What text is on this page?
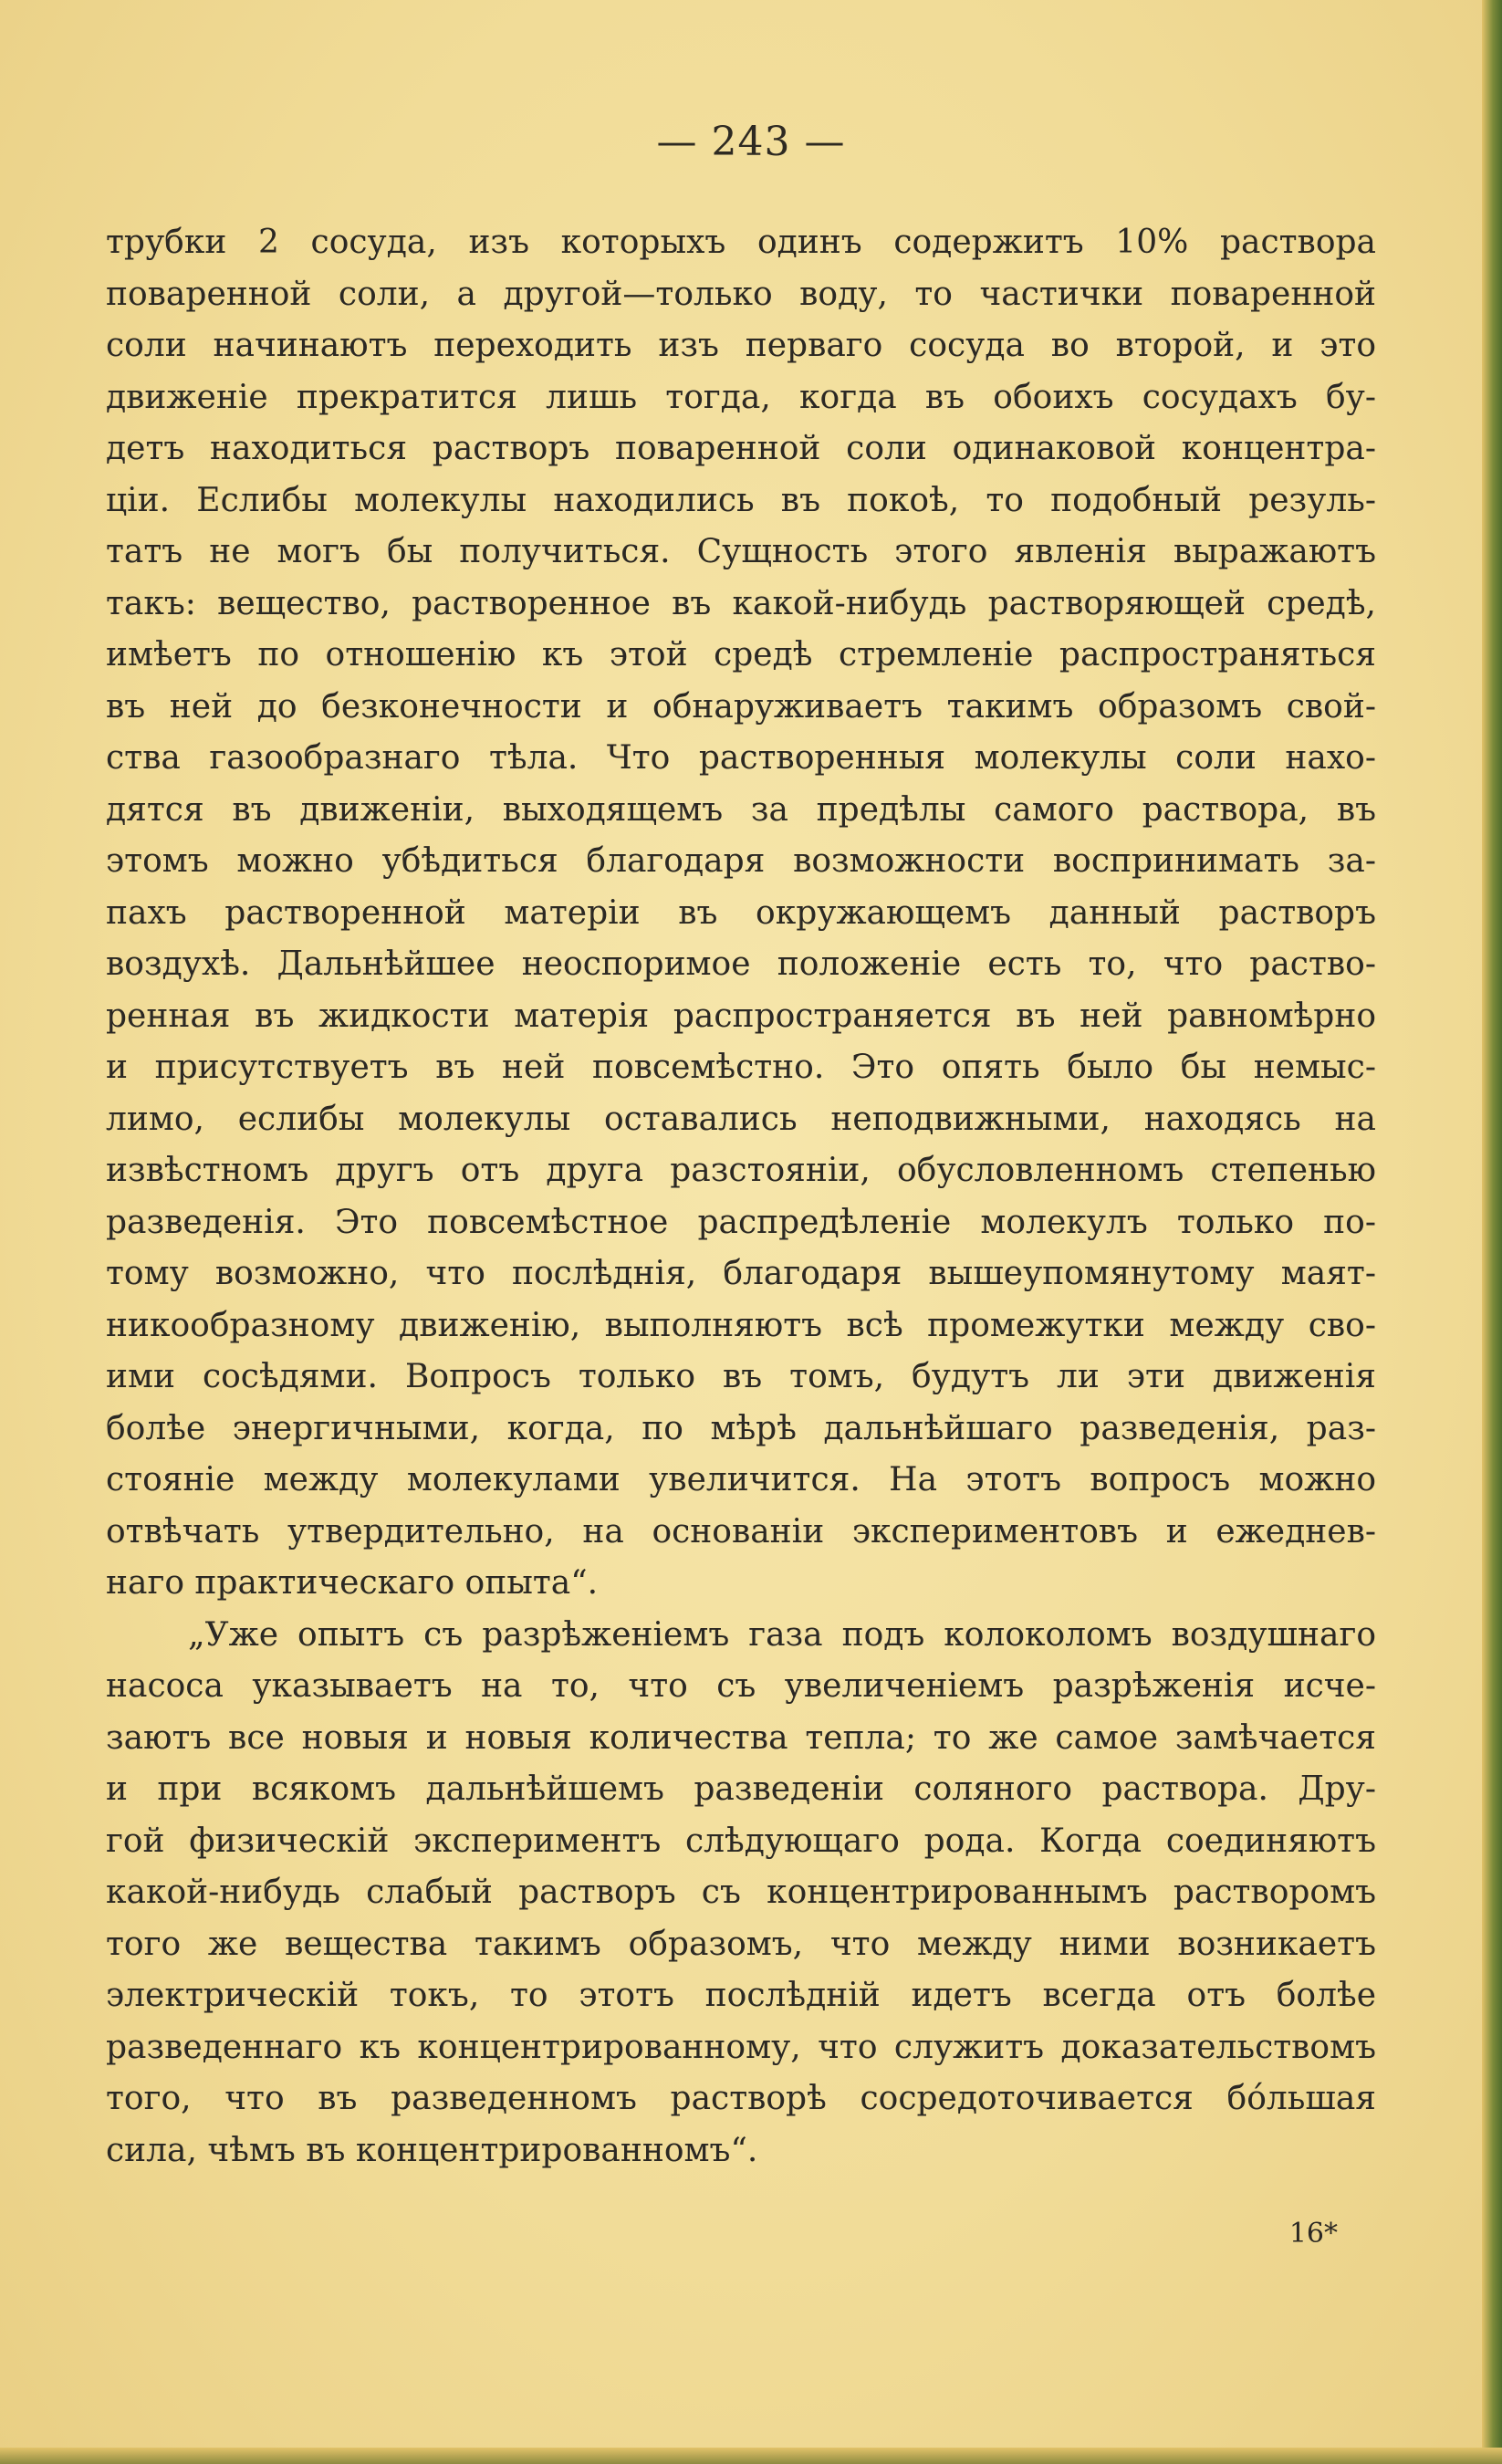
— 243 —
трубки 2 сосуда, изъ которыхъ одинъ содержитъ 10% раствора
поваренной соли, а другой—только воду, то частички поваренной
соли начинаютъ переходить изъ перваго сосуда во второй, и это
движенiе прекратится лишь тогда, когда въ обоихъ сосудахъ бу-
детъ находиться растворъ поваренной соли одинаковой концентра-
цiи. Еслибы молекулы находились въ покоѣ, то подобный резуль-
татъ не могъ бы получиться. Сущность этого явленiя выражаютъ
такъ: вещество, растворенное въ какой-нибудь растворяющей средѣ,
имѣетъ по отношенiю къ этой средѣ стремленiе распространяться
въ ней до безконечности и обнаруживаетъ такимъ образомъ свой-
ства газообразнаго тѣла. Что растворенныя молекулы соли нахо-
дятся въ движенiи, выходящемъ за предѣлы самого раствора, въ
этомъ можно убѣдиться благодаря возможности воспринимать за-
пахъ растворенной матерiи въ окружающемъ данный растворъ
воздухѣ. Дальнѣйшее неоспоримое положенiе есть то, что раство-
ренная въ жидкости матерiя распространяется въ ней равномѣрно
и присутствуетъ въ ней повсемѣстно. Это опять было бы немыс-
лимо, еслибы молекулы оставались неподвижными, находясь на
извѣстномъ другъ отъ друга разстоянiи, обусловленномъ степенью
разведенiя. Это повсемѣстное распредѣленiе молекулъ только по-
тому возможно, что послѣднiя, благодаря вышеупомянутому маят-
никообразному движенiю, выполняютъ всѣ промежутки между сво-
ими сосѣдями. Вопросъ только въ томъ, будутъ ли эти движенiя
болѣе энергичными, когда, по мѣрѣ дальнѣйшаго разведенiя, раз-
стоянiе между молекулами увеличится. На этотъ вопросъ можно
отвѣчать утвердительно, на основанiи экспериментовъ и ежеднев-
наго практическаго опыта“.
„Уже опытъ съ разрѣженiемъ газа подъ колоколомъ воздушнаго
насоса указываетъ на то, что съ увеличенiемъ разрѣженiя исче-
заютъ все новыя и новыя количества тепла; то же самое замѣчается
и при всякомъ дальнѣйшемъ разведенiи соляного раствора. Дру-
гой физическiй экспериментъ слѣдующаго рода. Когда соединяютъ
какой-нибудь слабый растворъ съ концентрированнымъ растворомъ
того же вещества такимъ образомъ, что между ними возникаетъ
электрическiй токъ, то этотъ послѣднiй идетъ всегда отъ болѣе
разведеннаго къ концентрированному, что служитъ доказательствомъ
того, что въ разведенномъ растворѣ сосредоточивается бóльшая
сила, чѣмъ въ концентрированномъ“.
16*
